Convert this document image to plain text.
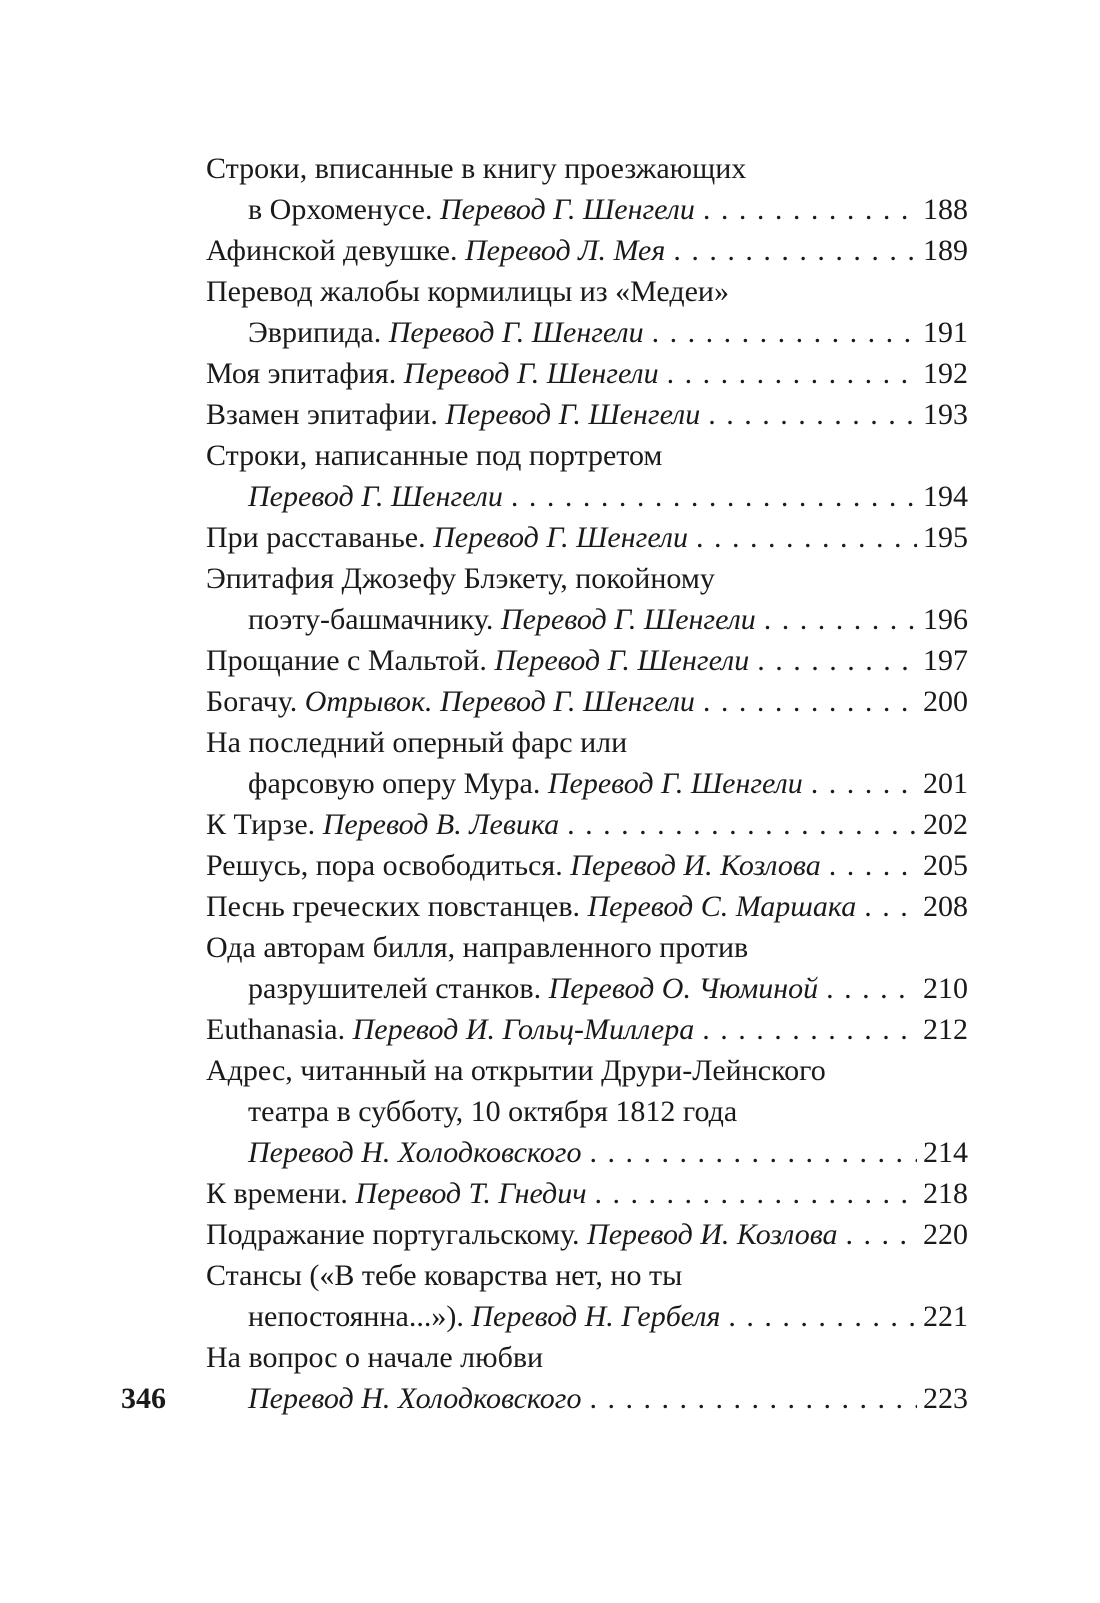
Строки, вписанные в книгу проезжающих
в Орхоменусе. Перевод Г. Шенгели .....	188
Афинской девушке. Перевод Л. Мея .....	189
Перевод жалобы кормилицы из «Медеи»
Эврипида. Перевод Г. Шенгели .....	191
Моя эпитафия. Перевод Г. Шенгели .....	192
Взамен эпитафии. Перевод Г. Шенгели .....	193
Строки, написанные под портретом
Перевод Г. Шенгели .....	194
При расставанье. Перевод Г. Шенгели .....	195
Эпитафия Джозефу Блэкету, покойному
поэту-башмачнику. Перевод Г. Шенгели .....	196
Прощание с Мальтой. Перевод Г. Шенгели .....	197
Богачу. Отрывок. Перевод Г. Шенгели .....	200
На последний оперный фарс или
фарсовую оперу Мура. Перевод Г. Шенгели .....	201
К Тирзе. Перевод В. Левика .....	202
Решусь, пора освободиться. Перевод И. Козлова .....	205
Песнь греческих повстанцев. Перевод С. Маршака ..... 208
Ода авторам билля, направленного против
разрушителей станков. Перевод О. Чюминой .....	210
Euthanasia. Перевод И. Гольц-Миллера .....	212
Адрес, читанный на открытии Друри-Лейнского
театра в субботу, 10 октября 1812 года
Перевод Н. Холодковского .....	214
К времени. Перевод Т. Гнедич .....	218
Подражание португальскому. Перевод И. Козлова .....	220
Стансы («В тебе коварства нет, но ты
непостоянна...»). Перевод Н. Гербеля .....	221
На вопрос о начале любви
Перевод Н. Холодковского .....	223
346
